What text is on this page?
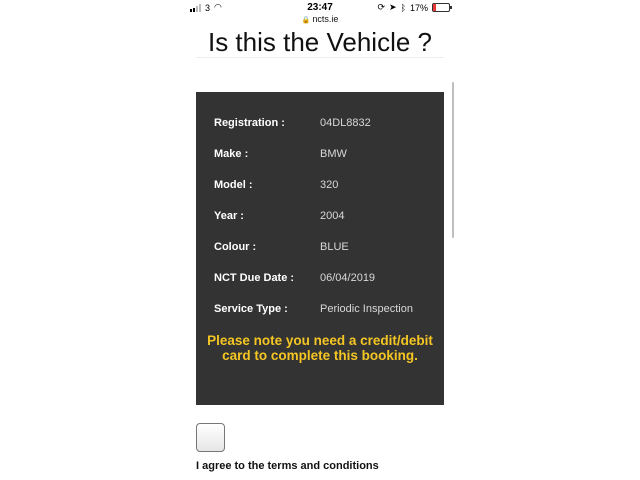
3 ◠	23:47
🔒 ncts.ie
⟳ ➤ ᛒ 17%
Is this the Vehicle ?
Registration :	04DL8832
Make :	BMW
Model :	320
Year :	2004
Colour :	BLUE
NCT Due Date : 06/04/2019
Service Type :	Periodic Inspection
Please note you need a credit/debit card to complete this booking.
I agree to the terms and conditions
